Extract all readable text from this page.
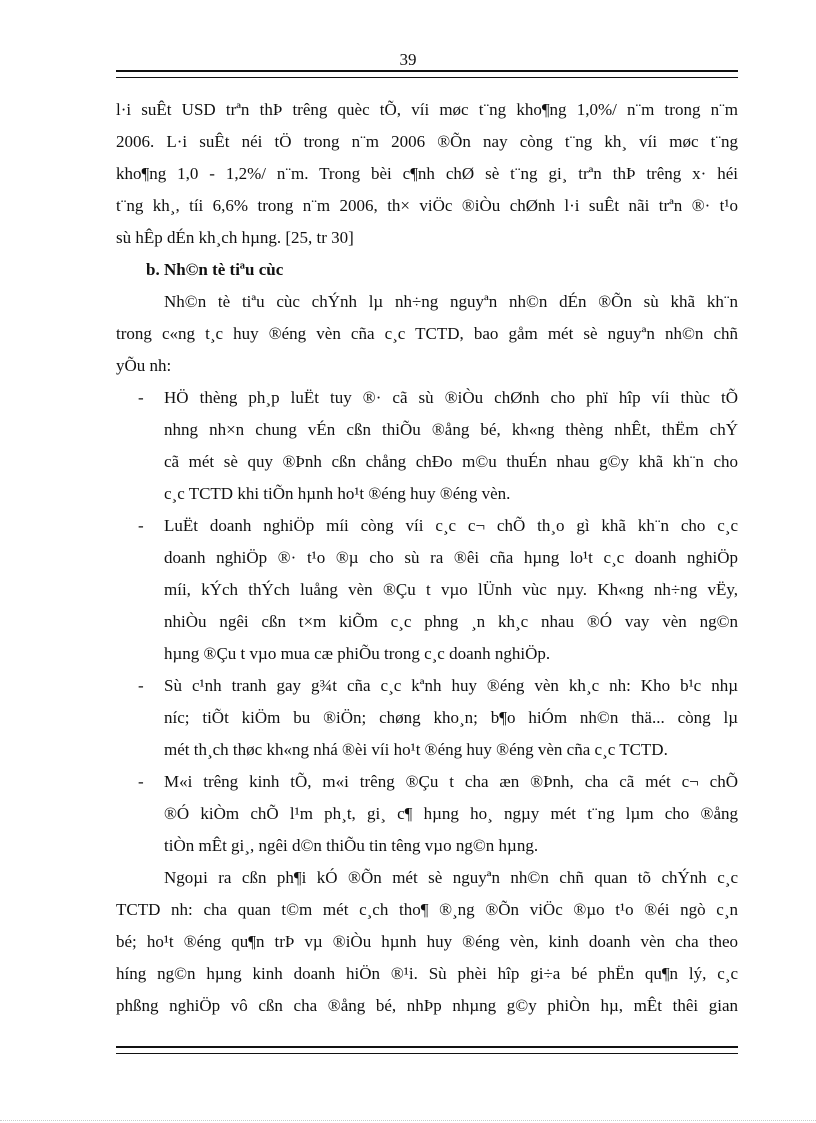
39
l·i suÊt USD trªn thÞ trêng quèc tÕ, víi møc t¨ng kho¶ng 1,0%/ n¨m trong n¨m
2006. L·i suÊt néi tÖ trong n¨m 2006 ®Õn nay còng t¨ng kh¸ víi møc t¨ng
kho¶ng 1,0 - 1,2%/ n¨m. Trong bèi c¶nh chØ sè t¨ng gi¸ trªn thÞ trêng x· héi
t¨ng kh¸, tíi 6,6% trong n¨m 2006, th× viÖc ®iÒu chØnh l·i suÊt nãi trªn ®· t¹o
sù hÊp dÉn kh¸ch hµng. [25, tr 30]
b. Nh©n tè tiªu cùc
Nh©n tè tiªu cùc chÝnh lµ nh÷ng nguyªn nh©n dÉn ®Õn sù khã kh¨n
trong c«ng t¸c huy ®éng vèn cña c¸c TCTD, bao gåm mét sè nguyªn nh©n chñ
yÕu nh:
- HÖ thèng ph¸p luËt tuy ®· cã sù ®iÒu chØnh cho phï hîp víi thùc tÕ
nhng nh×n chung vÉn cßn thiÕu ®ång bé, kh«ng thèng nhÊt, thËm chÝ
cã mét sè quy ®Þnh cßn chång chÐo m©u thuÉn nhau g©y khã kh¨n cho
c¸c TCTD khi tiÕn hµnh ho¹t ®éng huy ®éng vèn.
- LuËt doanh nghiÖp míi còng víi c¸c c¬ chÕ th¸o gì khã kh¨n cho c¸c
doanh nghiÖp ®· t¹o ®µ cho sù ra ®êi cña hµng lo¹t c¸c doanh nghiÖp
míi, kÝch thÝch luång vèn ®Çu t vµo lÜnh vùc nµy. Kh«ng nh÷ng vËy,
nhiÒu ngêi cßn t×m kiÕm c¸c phng ¸n kh¸c nhau ®Ó vay vèn ng©n
hµng ®Çu t vµo mua cæ phiÕu trong c¸c doanh nghiÖp.
- Sù c¹nh tranh gay g¾t cña c¸c kªnh huy ®éng vèn kh¸c nh: Kho b¹c nhµ
níc; tiÕt kiÖm bu ®iÖn; chøng kho¸n; b¶o hiÓm nh©n thä... còng lµ
mét th¸ch thøc kh«ng nhá ®èi víi ho¹t ®éng huy ®éng vèn cña c¸c TCTD.
- M«i trêng kinh tÕ, m«i trêng ®Çu t cha æn ®Þnh, cha cã mét c¬ chÕ
®Ó kiÒm chÕ l¹m ph¸t, gi¸ c¶ hµng ho¸ ngµy mét t¨ng lµm cho ®ång
tiÒn mÊt gi¸, ngêi d©n thiÕu tin têng vµo ng©n hµng.
Ngoµi ra cßn ph¶i kÓ ®Õn mét sè nguyªn nh©n chñ quan tõ chÝnh c¸c
TCTD nh: cha quan t©m mét c¸ch tho¶ ®¸ng ®Õn viÖc ®µo t¹o ®éi ngò c¸n
bé; ho¹t ®éng qu¶n trÞ vµ ®iÒu hµnh huy ®éng vèn, kinh doanh vèn cha theo
híng ng©n hµng kinh doanh hiÖn ®¹i. Sù phèi hîp gi÷a bé phËn qu¶n lý, c¸c
phßng nghiÖp vô cßn cha ®ång bé, nhÞp nhµng g©y phiÒn hµ, mÊt thêi gian
